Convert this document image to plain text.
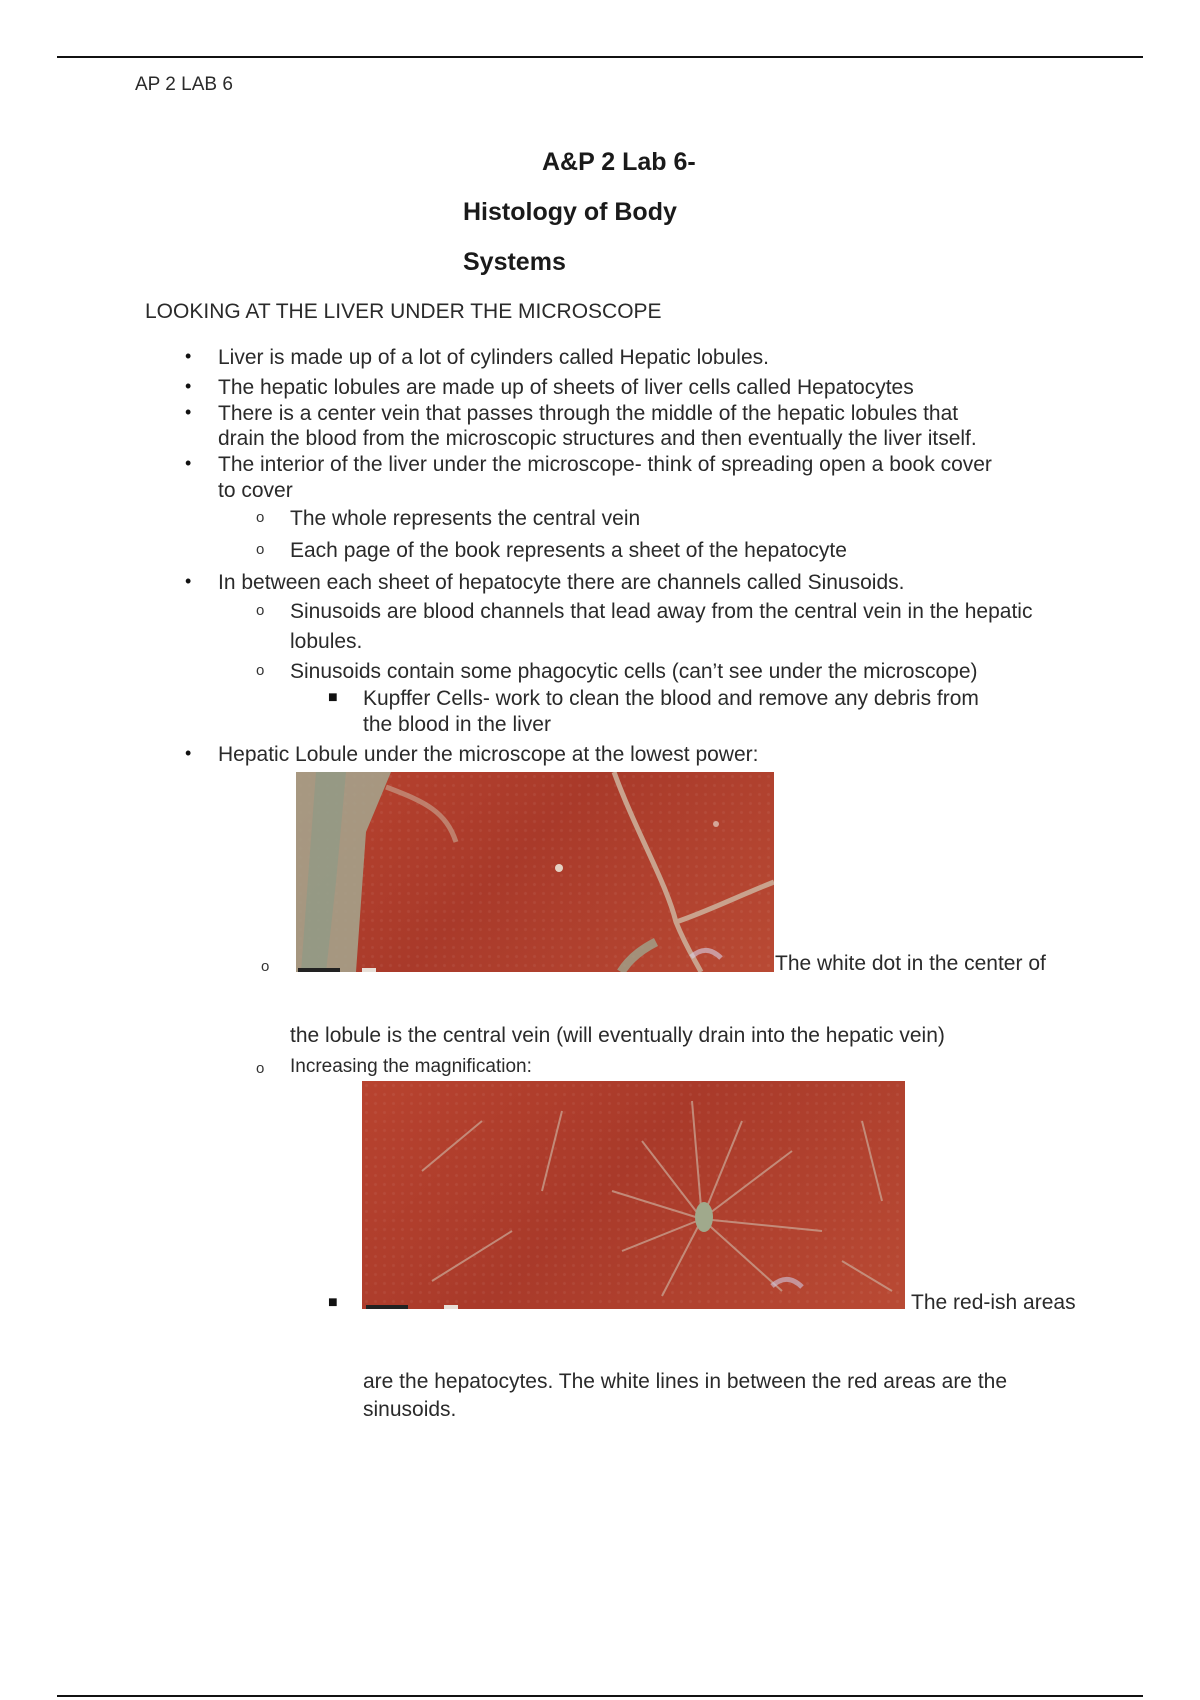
AP 2 LAB 6
A&P 2 Lab 6-
Histology of Body
Systems
LOOKING AT THE LIVER UNDER THE MICROSCOPE
• Liver is made up of a lot of cylinders called Hepatic lobules.
• The hepatic lobules are made up of sheets of liver cells called Hepatocytes
• There is a center vein that passes through the middle of the hepatic lobules that
drain the blood from the microscopic structures and then eventually the liver itself.
• The interior of the liver under the microscope- think of spreading open a book cover
to cover
o The whole represents the central vein
o Each page of the book represents a sheet of the hepatocyte
• In between each sheet of hepatocyte there are channels called Sinusoids.
o Sinusoids are blood channels that lead away from the central vein in the hepatic
lobules.
o Sinusoids contain some phagocytic cells (can’t see under the microscope)
■ Kupffer Cells- work to clean the blood and remove any debris from
the blood in the liver
• Hepatic Lobule under the microscope at the lowest power:
o	The white dot in the center of
the lobule is the central vein (will eventually drain into the hepatic vein)
o Increasing the magnification:
■	The red-ish areas
are the hepatocytes. The white lines in between the red areas are the
sinusoids.
